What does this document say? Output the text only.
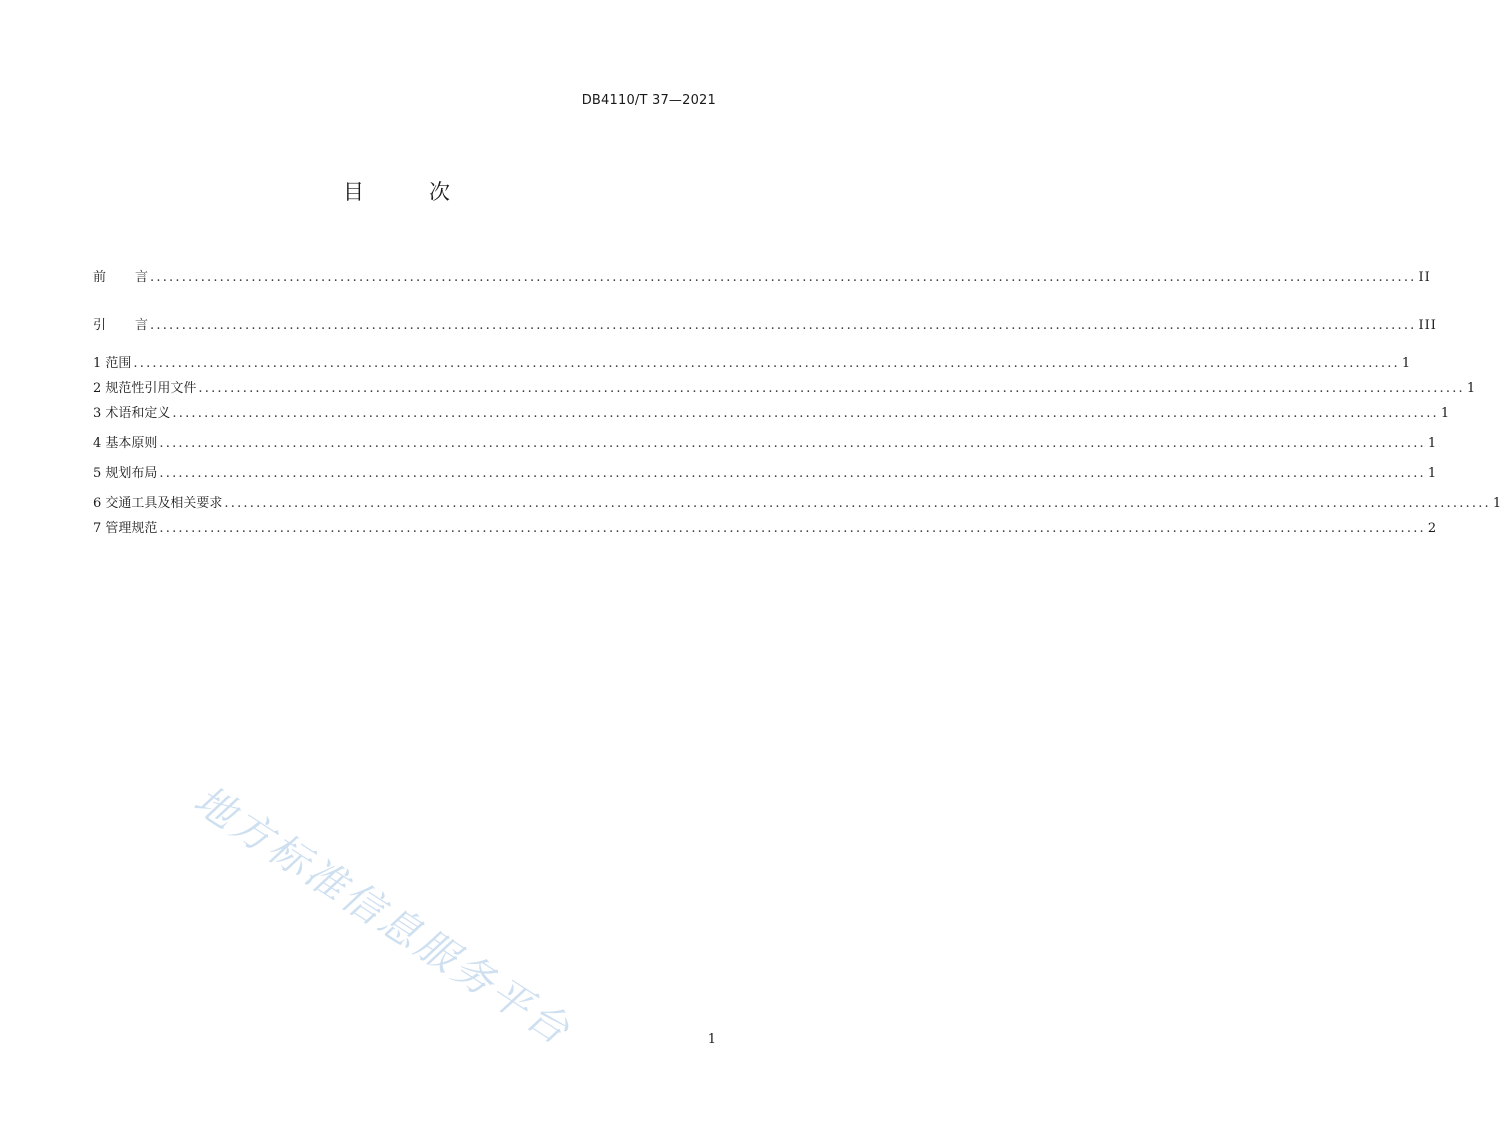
DB4110/T 37—2021
目　次
前言 ........................................................................................................................................................................................................ II
引言 ........................................................................................................................................................................................................ III
1 范围 ........................................................................................................................................................................................................ 1
2 规范性引用文件 ........................................................................................................................................................................................................ 1
3 术语和定义 ........................................................................................................................................................................................................ 1
4 基本原则 ........................................................................................................................................................................................................ 1
5 规划布局 ........................................................................................................................................................................................................ 1
6 交通工具及相关要求 ........................................................................................................................................................................................................ 1
7 管理规范 ........................................................................................................................................................................................................ 2
地方标准信息服务平台	1
